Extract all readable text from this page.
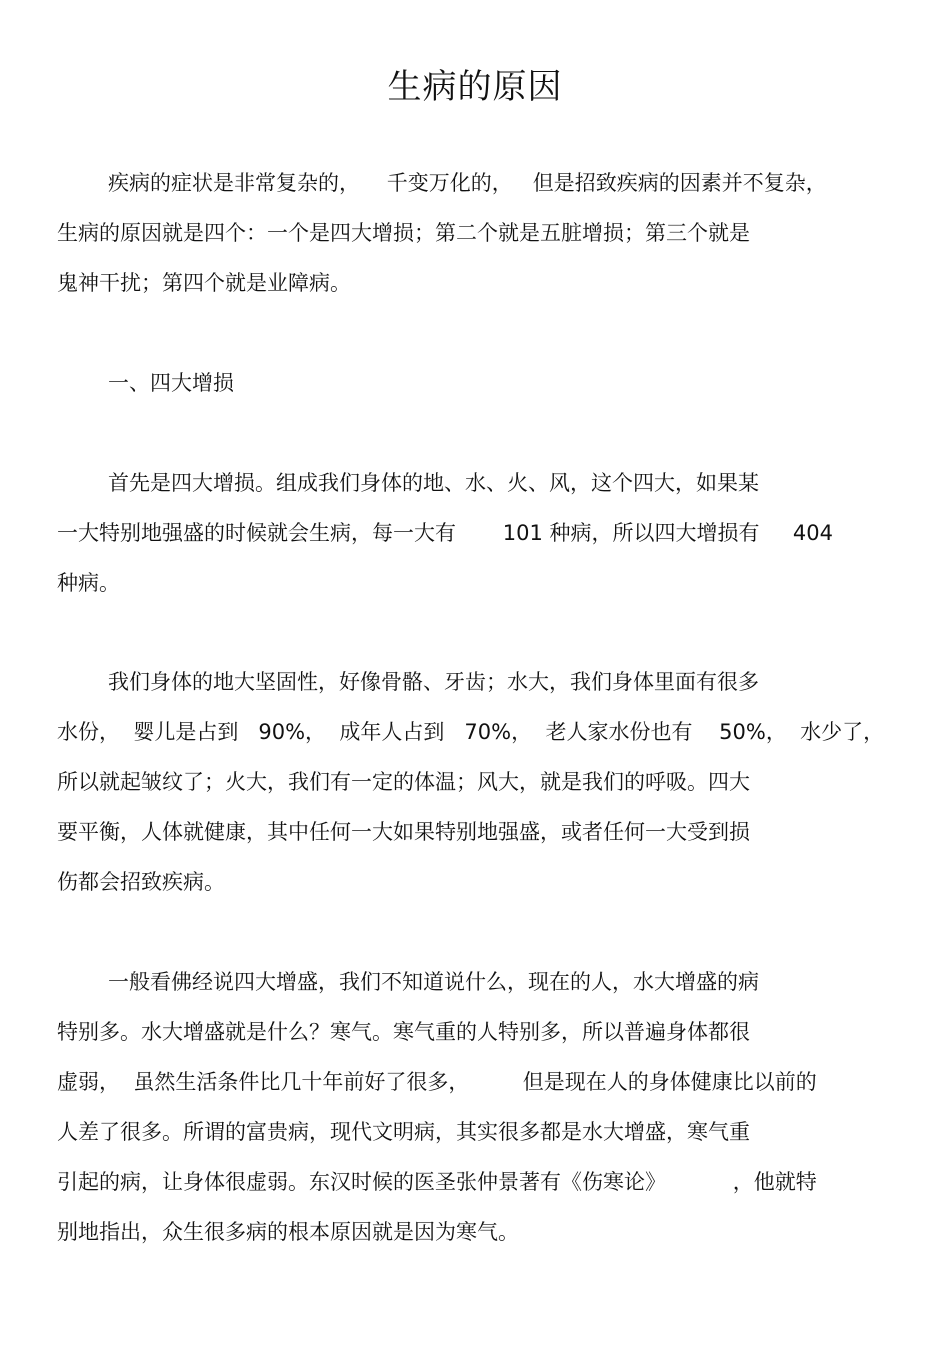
生病的原因
疾病的症状是非常复杂的，    千变万化的，   但是招致疾病的因素并不复杂，
生病的原因就是四个：一个是四大增损；第二个就是五脏增损；第三个就是
鬼神干扰；第四个就是业障病。
一、四大增损
首先是四大增损。组成我们身体的地、水、火、风，这个四大，如果某
一大特别地强盛的时候就会生病，每一大有       101 种病，所以四大增损有     404
种病。
我们身体的地大坚固性，好像骨骼、牙齿；水大，我们身体里面有很多
水份，  婴儿是占到   90%，  成年人占到   70%，  老人家水份也有    50%，  水少了，
所以就起皱纹了；火大，我们有一定的体温；风大，就是我们的呼吸。四大
要平衡，人体就健康，其中任何一大如果特别地强盛，或者任何一大受到损
伤都会招致疾病。
一般看佛经说四大增盛，我们不知道说什么，现在的人，水大增盛的病
特别多。水大增盛就是什么？寒气。寒气重的人特别多，所以普遍身体都很
虚弱，  虽然生活条件比几十年前好了很多，        但是现在人的身体健康比以前的
人差了很多。所谓的富贵病，现代文明病，其实很多都是水大增盛，寒气重
引起的病，让身体很虚弱。东汉时候的医圣张仲景著有《伤寒论》          ，他就特
别地指出，众生很多病的根本原因就是因为寒气。
